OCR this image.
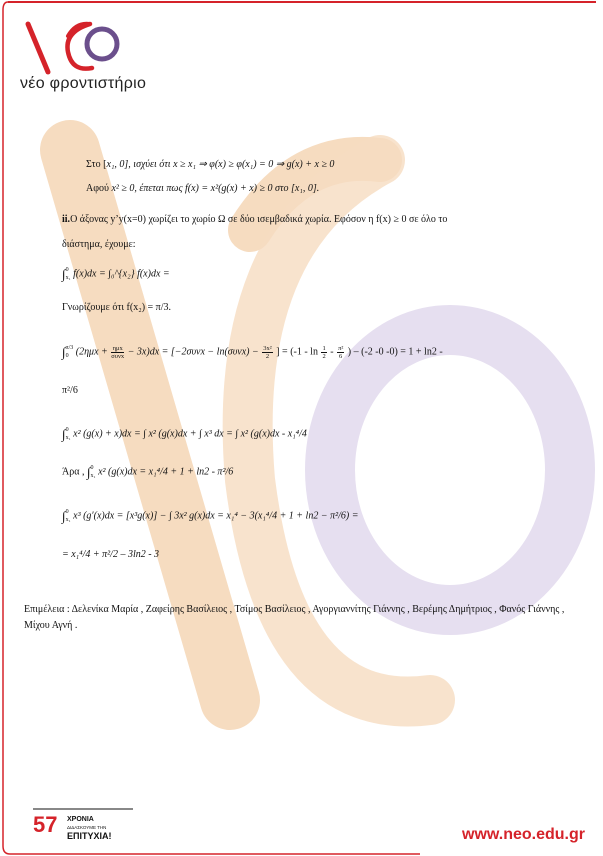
νέο φροντιστήριο
Στο [x₁, 0], ισχύει ότι x ≥ x₁ ⇒ φ(x) ≥ φ(x₁) = 0 ⇒ g(x) + x ≥ 0
Αφού x² ≥ 0, έπεται πως f(x) = x²(g(x) + x) ≥ 0 στο [x₁, 0].
ii.Ο άξονας y’y(x=0) χωρίζει το χωρίο Ω σε δύο ισεμβαδικά χωρία. Εφόσον η f(x) ≥ 0 σε όλο το
διάστημα, έχουμε:
∫ 0
x₁ f(x)dx = ∫₀^{x₂} f(x)dx =
Γνωρίζουμε ότι f(x₂) = π/3.
∫ π/3
0 $(2\eta\mu x + \frac{\text{ημx}}{\text{συνx}} - 3x)dx = [-2\sigma\upsilon\nu x - \ln(\sigma\upsilon\nu x) - \frac{\text{3x²}}{2}$ ] = ($-1 - \ln \frac{1}{2} - \frac{\text{π²}}{6}$ ) – (-2 -0 -0) = 1 + ln2 -
π²/6
∫ 0
x₁ x² (g(x) + x)dx = ∫ x² (g(x)dx + ∫ x³ dx = ∫ x² (g(x)dx - x₁⁴/4
Άρα , ∫ 0
x₁ x² (g(x)dx = x₁⁴/4 + 1 + ln2 - π²/6
∫ 0
x₁ x³ (g′(x)dx = [x³g(x)] − ∫ 3x² g(x)dx = x₁⁴ − 3(x₁⁴/4 + 1 + ln2 − π²/6) =
= x₁⁴/4 + π²/2 – 3ln2 - 3
Επιμέλεια : Δελενίκα Μαρία , Ζαφείρης Βασίλειος , Τσίμος Βασίλειος , Αγοργιαννίτης Γιάννης , Βερέμης Δημήτριος , Φανός Γιάννης , Μίχου Αγνή .
57 ΧΡΟΝΙΑ
ΔΙΔΑΣΚΟΥΜΕ ΤΗΝ
ΕΠΙΤΥΧΙΑ!	www.neo.edu.gr
